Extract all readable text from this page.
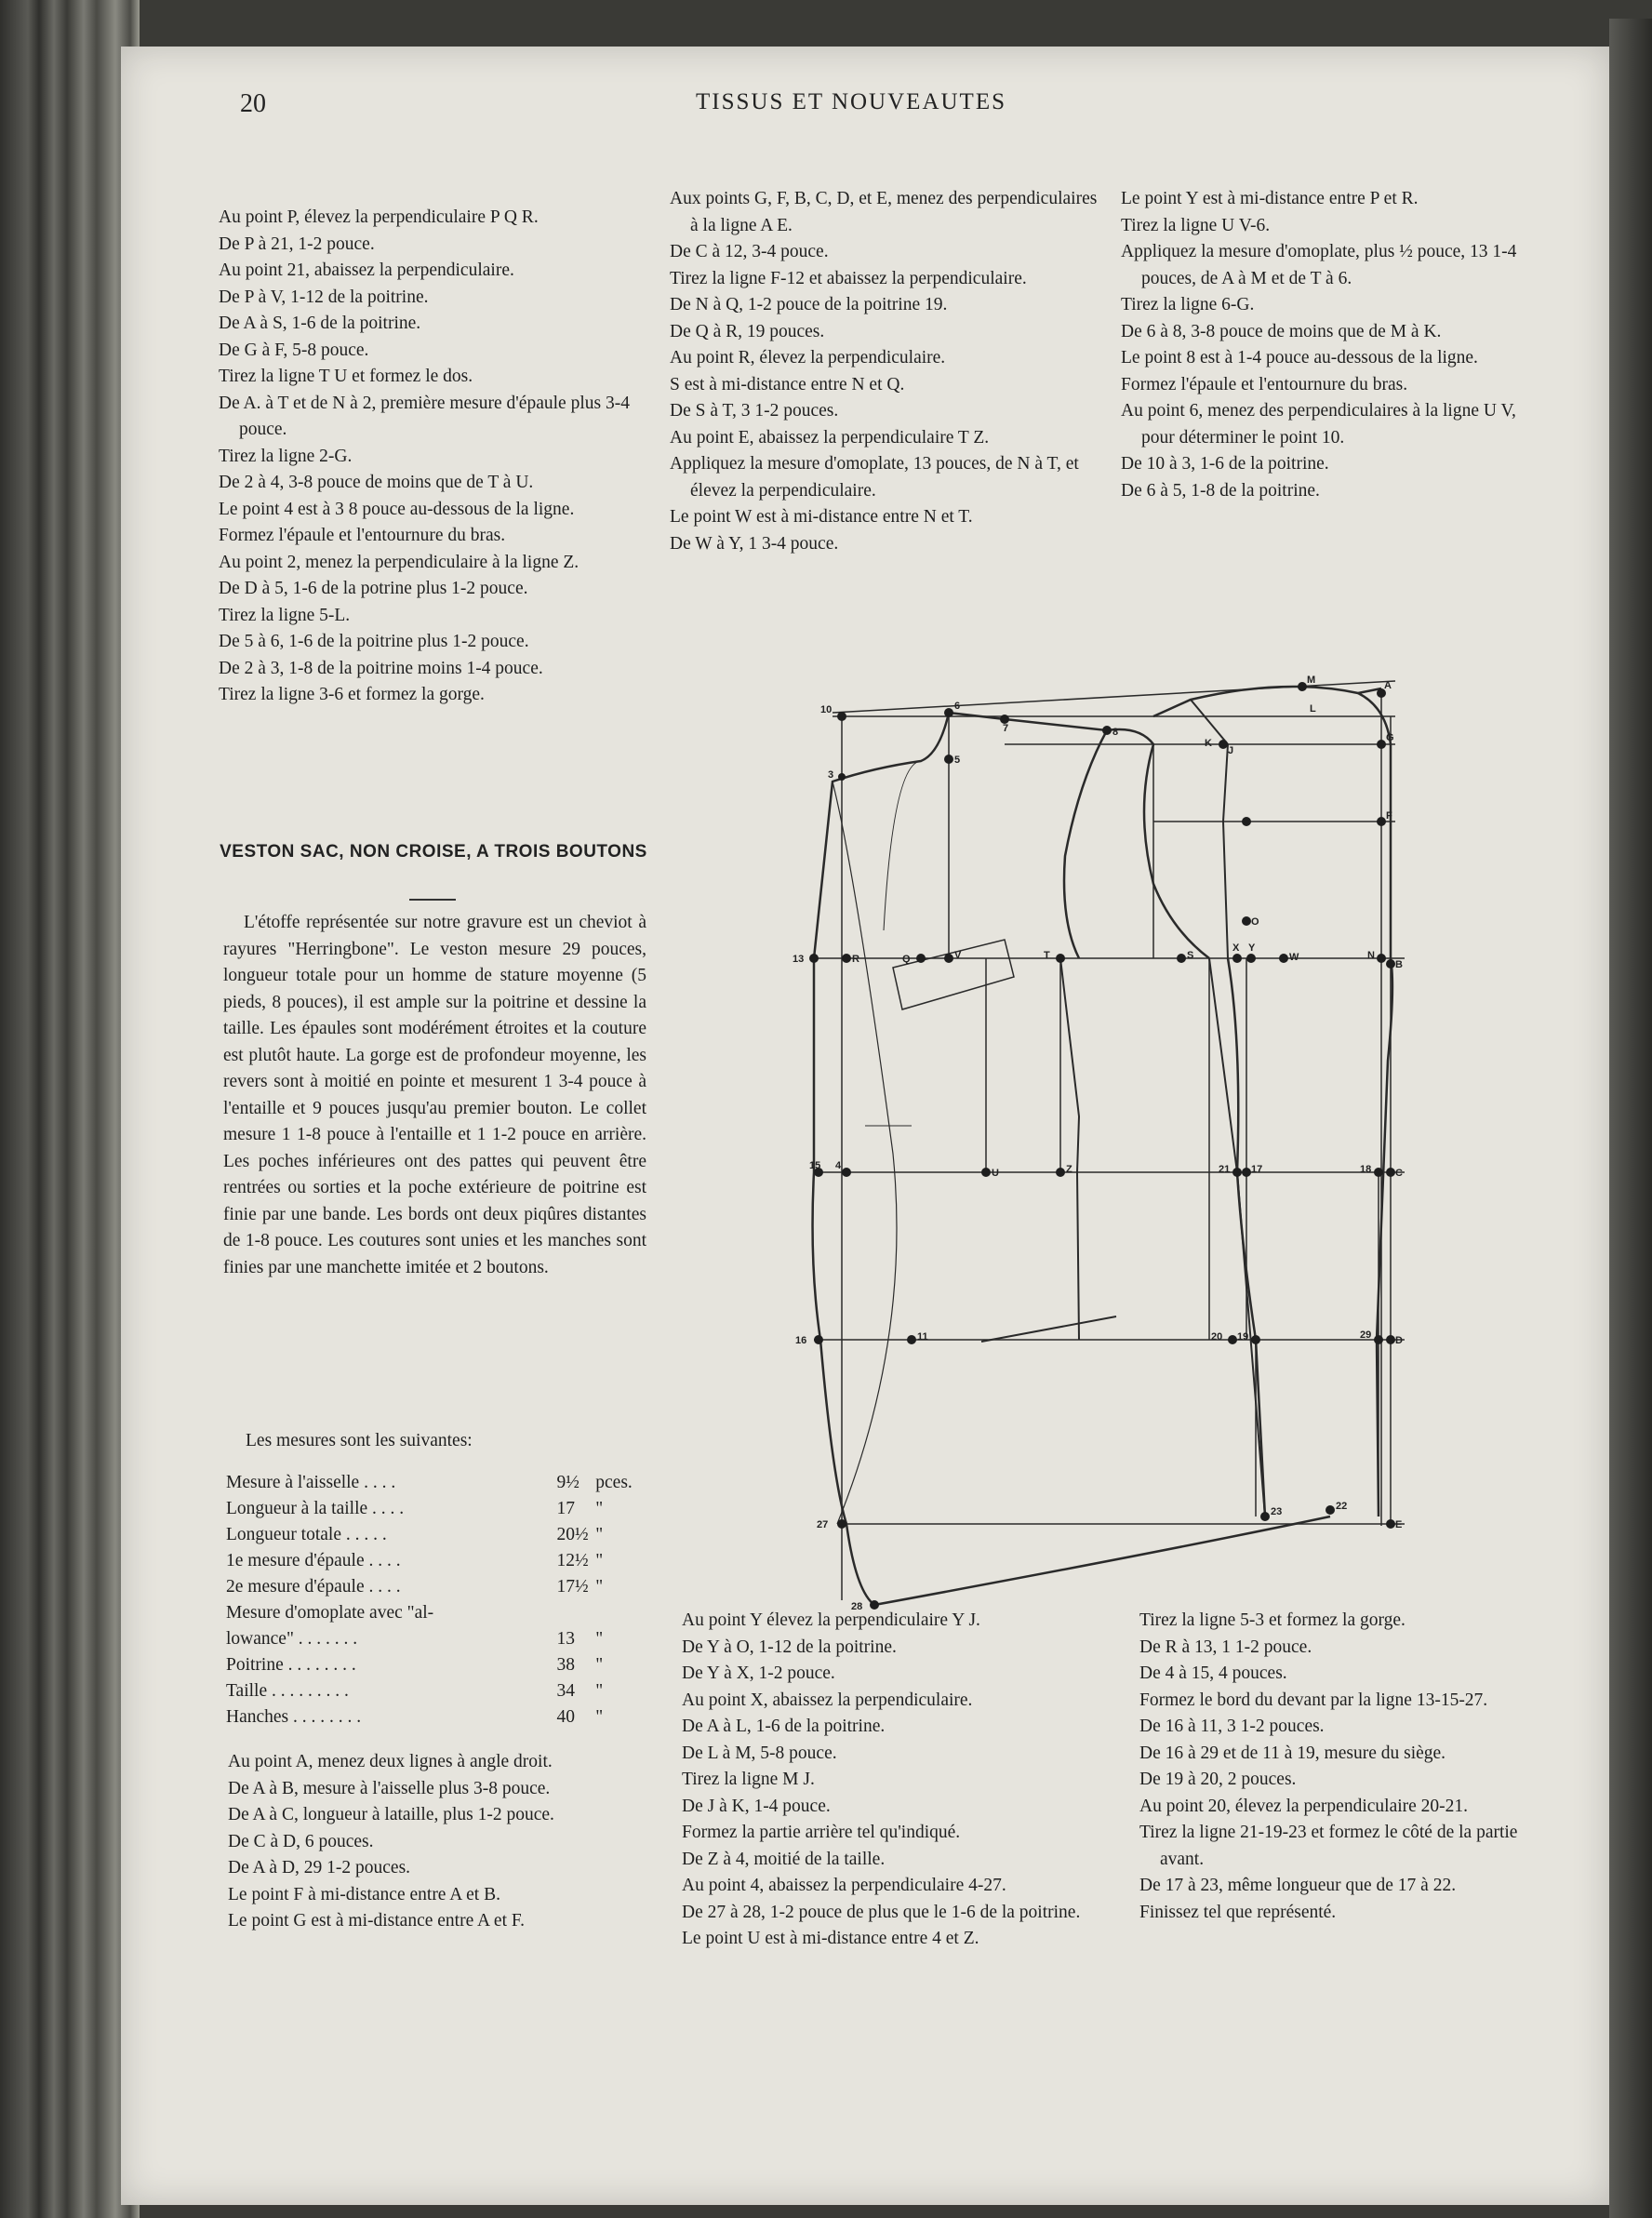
20	TISSUS ET NOUVEAUTES

Au point P, élevez la perpendiculaire P Q R.

De P à 21, 1-2 pouce.

Au point 21, abaissez la perpendiculaire.

De P à V, 1-12 de la poitrine.

De A à S, 1-6 de la poitrine.

De G à F, 5-8 pouce.

Tirez la ligne T U et formez le dos.

De A. à T et de N à 2, première mesure d'épaule plus 3-4 pouce.

Tirez la ligne 2-G.

De 2 à 4, 3-8 pouce de moins que de T à U.

Le point 4 est à 3 8 pouce au-dessous de la ligne.

Formez l'épaule et l'entournure du bras.

Au point 2, menez la perpendiculaire à la ligne Z.

De D à 5, 1-6 de la potrine plus 1-2 pouce.

Tirez la ligne 5-L.

De 5 à 6, 1-6 de la poitrine plus 1-2 pouce.

De 2 à 3, 1-8 de la poitrine moins 1-4 pouce.

Tirez la ligne 3-6 et formez la gorge.

VESTON SAC, NON CROISE, A TROIS BOUTONS
L'étoffe représentée sur notre gravure est un cheviot à rayures "Herringbone". Le veston mesure 29 pouces, longueur totale pour un homme de stature moyenne (5 pieds, 8 pouces), il est ample sur la poitrine et dessine la taille. Les épaules sont modérément étroites et la couture est plutôt haute. La gorge est de profondeur moyenne, les revers sont à moitié en pointe et mesurent 1 3-4 pouce à l'entaille et 9 pouces jusqu'au premier bouton. Le collet mesure 1 1-8 pouce à l'entaille et 1 1-2 pouce en arrière. Les poches inférieures ont des pattes qui peuvent être rentrées ou sorties et la poche extérieure de poitrine est finie par une bande. Les bords ont deux piqûres distantes de 1-8 pouce. Les coutures sont unies et les manches sont finies par une manchette imitée et 2 boutons.
Les mesures sont les suivantes:
Mesure à l'aisselle . . . .	9½	pces.
Longueur à la taille . . . .	17	"
Longueur totale . . . . .	20½	"
1e mesure d'épaule . . . .	12½	"
2e mesure d'épaule . . . .	17½	"
Mesure d'omoplate avec "al-		
lowance" . . . . . . .	13	"
Poitrine . . . . . . . .	38	"
Taille . . . . . . . . .	34	"
Hanches . . . . . . . .	40	"

Au point A, menez deux lignes à angle droit.

De A à B, mesure à l'aisselle plus 3-8 pouce.

De A à C, longueur à lataille, plus 1-2 pouce.

De C à D, 6 pouces.

De A à D, 29 1-2 pouces.

Le point F à mi-distance entre A et B.

Le point G est à mi-distance entre A et F.

Aux points G, F, B, C, D, et E, menez des perpendiculaires à la ligne A E.

De C à 12, 3-4 pouce.

Tirez la ligne F-12 et abaissez la perpendiculaire.

De N à Q, 1-2 pouce de la poitrine 19.

De Q à R, 19 pouces.

Au point R, élevez la perpendiculaire.

S est à mi-distance entre N et Q.

De S à T, 3 1-2 pouces.

Au point E, abaissez la perpendiculaire T Z.

Appliquez la mesure d'omoplate, 13 pouces, de N à T, et élevez la perpendiculaire.

Le point W est à mi-distance entre N et T.

De W à Y, 1 3-4 pouce.

Le point Y est à mi-distance entre P et R.

Tirez la ligne U V-6.

Appliquez la mesure d'omoplate, plus ½ pouce, 13 1-4 pouces, de A à M et de T à 6.

Tirez la ligne 6-G.

De 6 à 8, 3-8 pouce de moins que de M à K.

Le point 8 est à 1-4 pouce au-dessous de la ligne.

Formez l'épaule et l'entournure du bras.

Au point 6, menez des perpendiculaires à la ligne U V, pour déterminer le point 10.

De 10 à 3, 1-6 de la poitrine.

De 6 à 5, 1-8 de la poitrine.

10	6
5
3
7	8
M
L
A
K
J
G
F
O
13	R	Q	V	T	S
X Y
W	N
B
15 4
U	Z	21 17	18 C
16	11	20 19	29 D
27
23	22
E
28

Au point Y élevez la perpendiculaire Y J.

De Y à O, 1-12 de la poitrine.

De Y à X, 1-2 pouce.

Au point X, abaissez la perpendiculaire.

De A à L, 1-6 de la poitrine.

De L à M, 5-8 pouce.

Tirez la ligne M J.

De J à K, 1-4 pouce.

Formez la partie arrière tel qu'indiqué.

De Z à 4, moitié de la taille.

Au point 4, abaissez la perpendiculaire 4-27.

De 27 à 28, 1-2 pouce de plus que le 1-6 de la poitrine.

Le point U est à mi-distance entre 4 et Z.

Tirez la ligne 5-3 et formez la gorge.

De R à 13, 1 1-2 pouce.

De 4 à 15, 4 pouces.

Formez le bord du devant par la ligne 13-15-27.

De 16 à 11, 3 1-2 pouces.

De 16 à 29 et de 11 à 19, mesure du siège.

De 19 à 20, 2 pouces.

Au point 20, élevez la perpendiculaire 20-21.

Tirez la ligne 21-19-23 et formez le côté de la partie avant.

De 17 à 23, même longueur que de 17 à 22.

Finissez tel que représenté.
